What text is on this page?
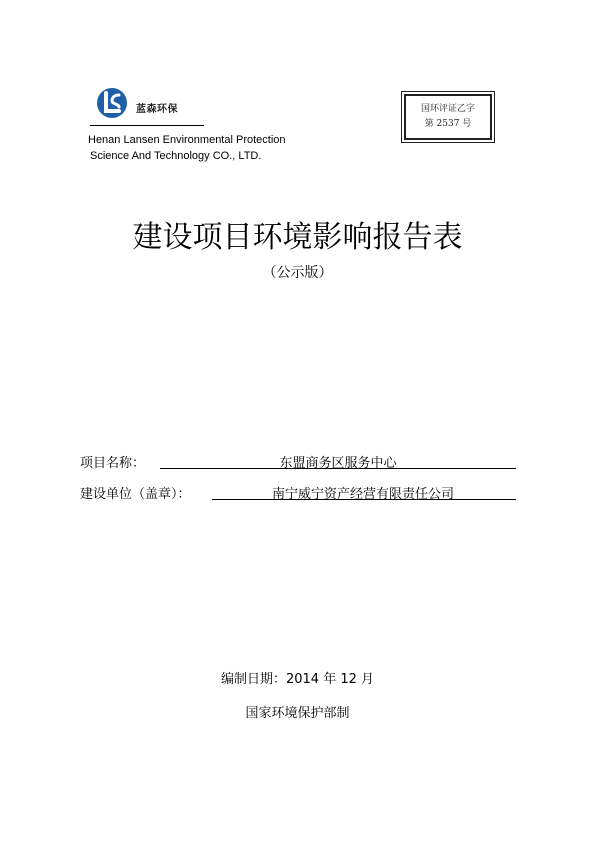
蓝森环保
Henan Lansen Environmental Protection
Science And Technology CO., LTD.
国环评证乙字
第 2537 号
建设项目环境影响报告表
（公示版）
项目名称：	东盟商务区服务中心
建设单位（盖章）：	南宁威宁资产经营有限责任公司
编制日期：2014 年 12 月
国家环境保护部制
